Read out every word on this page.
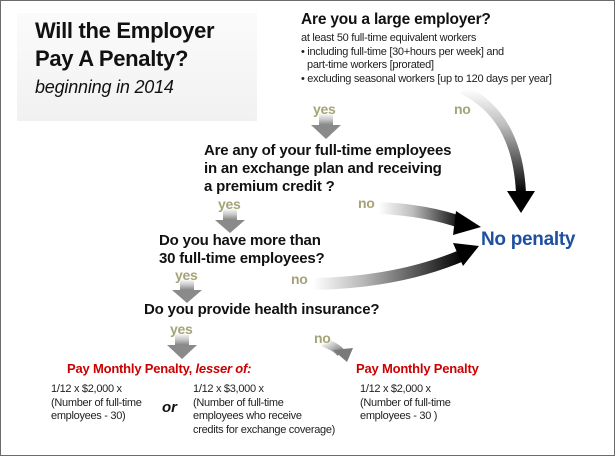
Will the Employer
Pay A Penalty?
beginning in 2014
Are you a large employer?
at least 50 full-time equivalent workers
• including full-time [30+hours per week] and
part-time workers [prorated]
• excluding seasonal workers [up to 120 days per year]
Are any of your full-time employees
in an exchange plan and receiving
a premium credit ?
Do you have more than
30 full-time employees?
Do you provide health insurance?
yes	no
yes	no
yes	no
yes
no
No penalty
Pay Monthly Penalty, lesser of:	Pay Monthly Penalty
1/12 x $2,000 x
(Number of full-time
employees - 30)	or
1/12 x $3,000 x
(Number of full-time
employees who receive
credits for exchange coverage)
1/12 x $2,000 x
(Number of full-time
employees - 30 )
